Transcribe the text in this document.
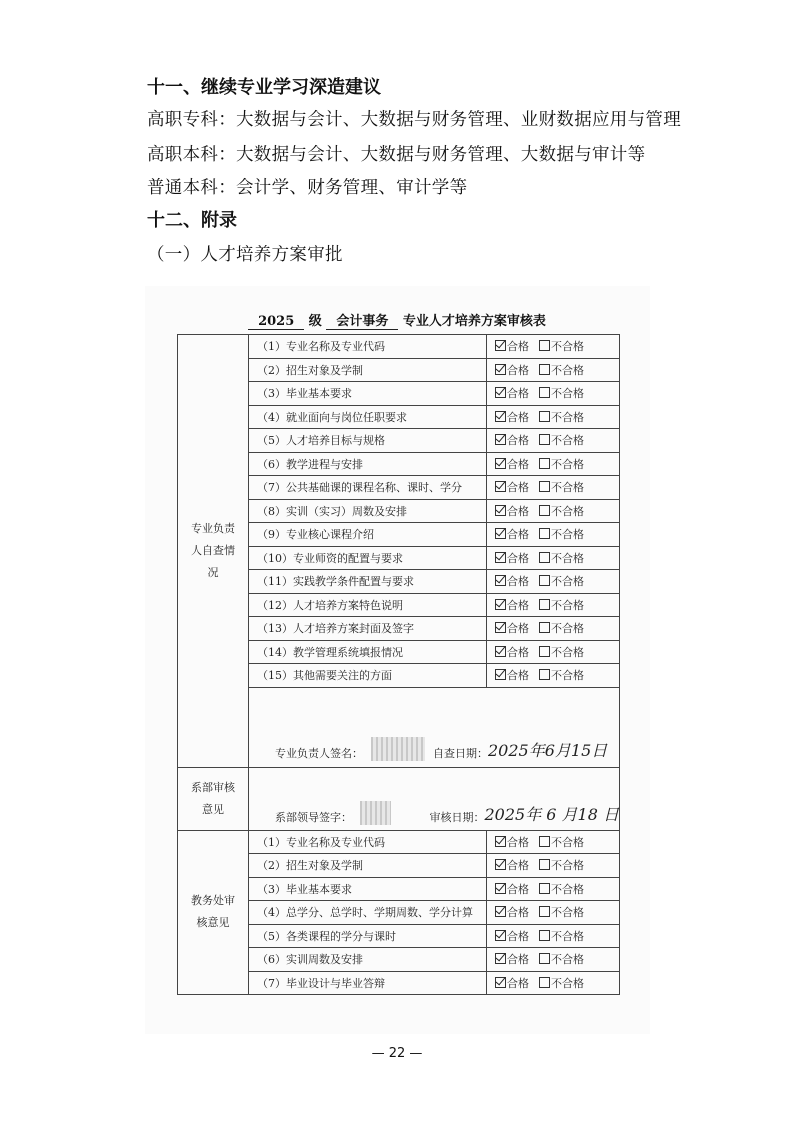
十一、继续专业学习深造建议

高职专科：大数据与会计、大数据与财务管理、业财数据应用与管理

高职本科：大数据与会计、大数据与财务管理、大数据与审计等

普通本科：会计学、财务管理、审计学等

十二、附录

（一）人才培养方案审批

2025 级 会计事务 专业人才培养方案审核表
专业负责人自查情况	（1）专业名称及专业代码	合格 不合格
	（2）招生对象及学制	合格 不合格
	（3）毕业基本要求	合格 不合格
	（4）就业面向与岗位任职要求	合格 不合格
	（5）人才培养目标与规格	合格 不合格
	（6）教学进程与安排	合格 不合格
	（7）公共基础课的课程名称、课时、学分	合格 不合格
	（8）实训（实习）周数及安排	合格 不合格
	（9）专业核心课程介绍	合格 不合格
	（10）专业师资的配置与要求	合格 不合格
	（11）实践教学条件配置与要求	合格 不合格
	（12）人才培养方案特色说明	合格 不合格
	（13）人才培养方案封面及签字	合格 不合格
	（14）教学管理系统填报情况	合格 不合格
	（15）其他需要关注的方面	合格 不合格

	专业负责人签名： 自查日期： 2025年6月15日	

系部审核意见	系部领导签字： 审核日期： 2025年 6 月18 日	

教务处审核意见	（1）专业名称及专业代码	合格 不合格
	（2）招生对象及学制	合格 不合格
	（3）毕业基本要求	合格 不合格
	（4）总学分、总学时、学期周数、学分计算	合格 不合格
	（5）各类课程的学分与课时	合格 不合格
	（6）实训周数及安排	合格 不合格
	（7）毕业设计与毕业答辩	合格 不合格
— 22 —
